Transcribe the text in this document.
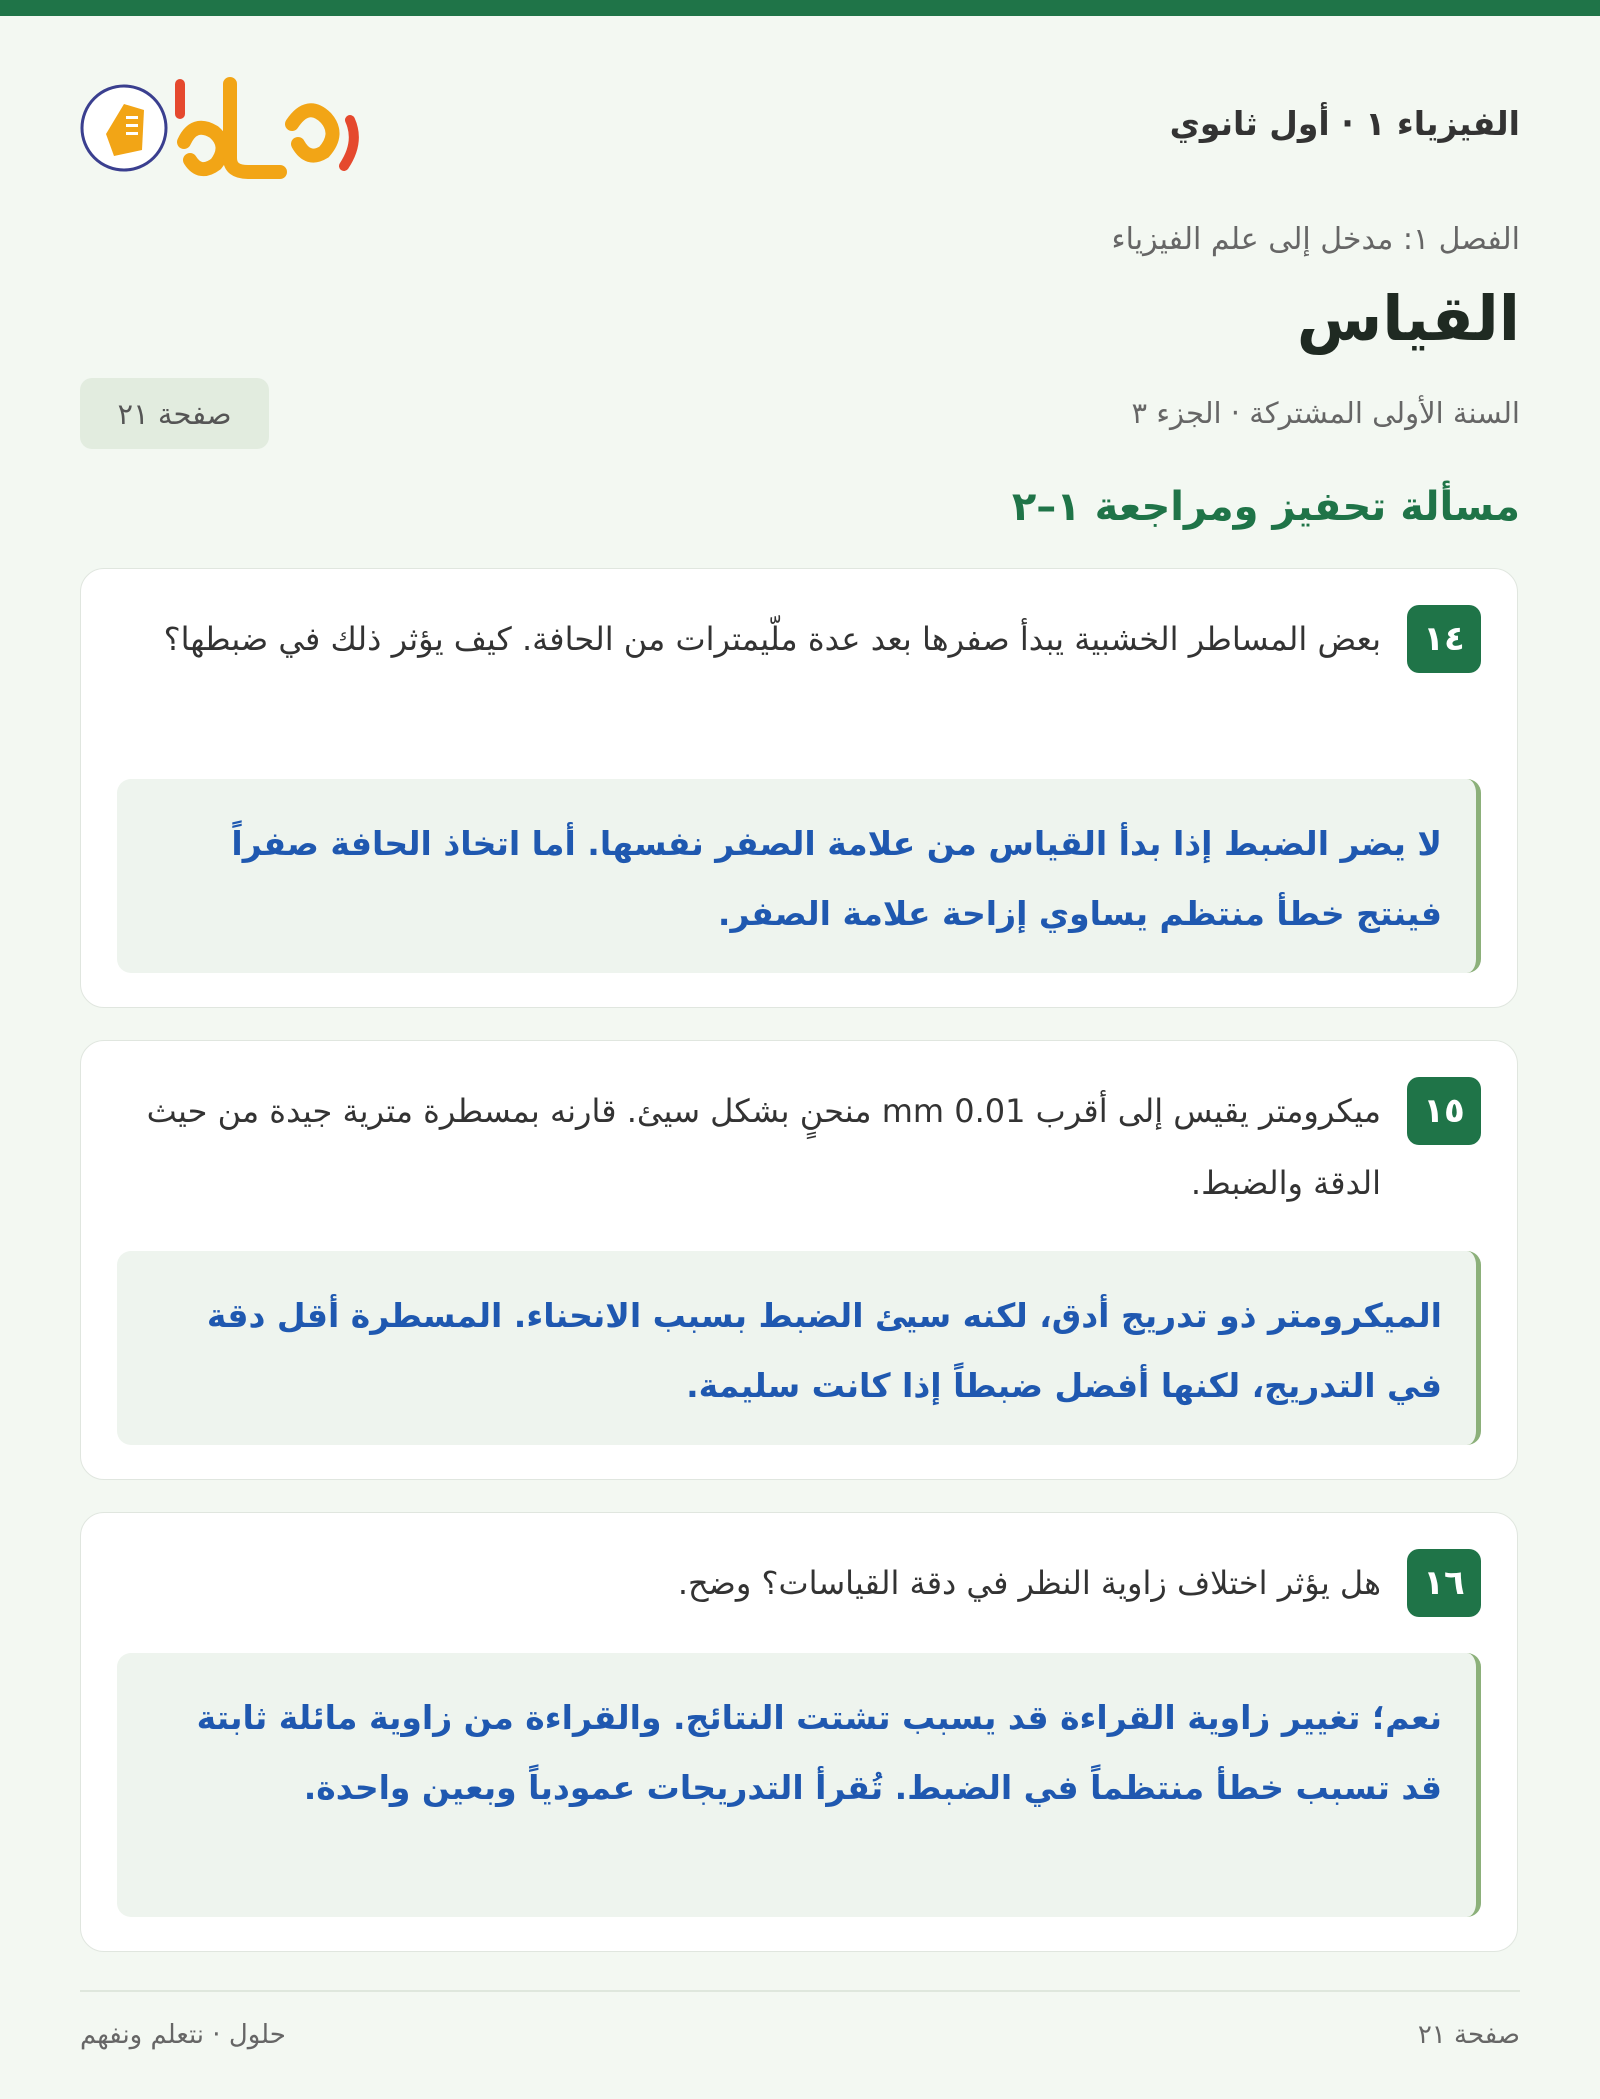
الفيزياء ١ · أول ثانوي
الفصل ١: مدخل إلى علم الفيزياء
القياس
السنة الأولى المشتركة · الجزء ٣
صفحة ٢١
مسألة تحفيز ومراجعة ١–٢
١٤
بعض المساطر الخشبية يبدأ صفرها بعد عدة ملّيمترات من الحافة. كيف يؤثر ذلك في ضبطها؟
لا يضر الضبط إذا بدأ القياس من علامة الصفر نفسها. أما اتخاذ الحافة صفراً فينتج خطأ منتظم يساوي إزاحة علامة الصفر.
١٥
ميكرومتر يقيس إلى أقرب 0.01 mm منحنٍ بشكل سيئ. قارنه بمسطرة مترية جيدة من حيث الدقة والضبط.
الميكرومتر ذو تدريج أدق، لكنه سيئ الضبط بسبب الانحناء. المسطرة أقل دقة في التدريج، لكنها أفضل ضبطاً إذا كانت سليمة.
١٦
هل يؤثر اختلاف زاوية النظر في دقة القياسات؟ وضح.
نعم؛ تغيير زاوية القراءة قد يسبب تشتت النتائج. والقراءة من زاوية مائلة ثابتة قد تسبب خطأ منتظماً في الضبط. تُقرأ التدريجات عمودياً وبعين واحدة.
صفحة ٢١
حلول · نتعلم ونفهم
